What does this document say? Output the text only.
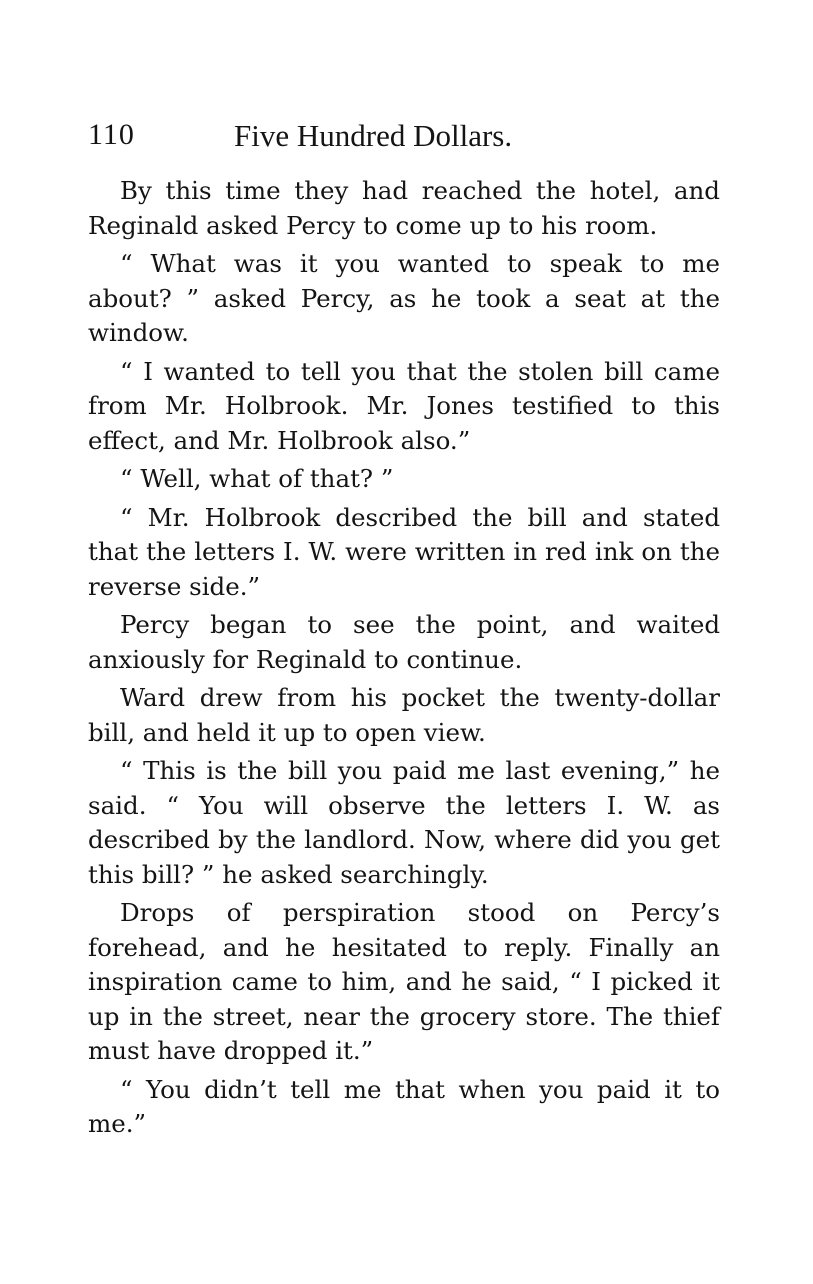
110	Five Hundred Dollars.

By this time they had reached the hotel, and Reginald asked Percy to come up to his room.

“ What was it you wanted to speak to me about? ” asked Percy, as he took a seat at the window.

“ I wanted to tell you that the stolen bill came from Mr. Holbrook. Mr. Jones testified to this effect, and Mr. Holbrook also.”

“ Well, what of that? ”

“ Mr. Holbrook described the bill and stated that the letters I. W. were written in red ink on the reverse side.”

Percy began to see the point, and waited anxiously for Reginald to continue.

Ward drew from his pocket the twenty-dollar bill, and held it up to open view.

“ This is the bill you paid me last evening,” he said. “ You will observe the letters I. W. as described by the landlord. Now, where did you get this bill? ” he asked searchingly.

Drops of perspiration stood on Percy’s forehead, and he hesitated to reply. Finally an inspiration came to him, and he said, “ I picked it up in the street, near the grocery store. The thief must have dropped it.”

“ You didn’t tell me that when you paid it to me.”
